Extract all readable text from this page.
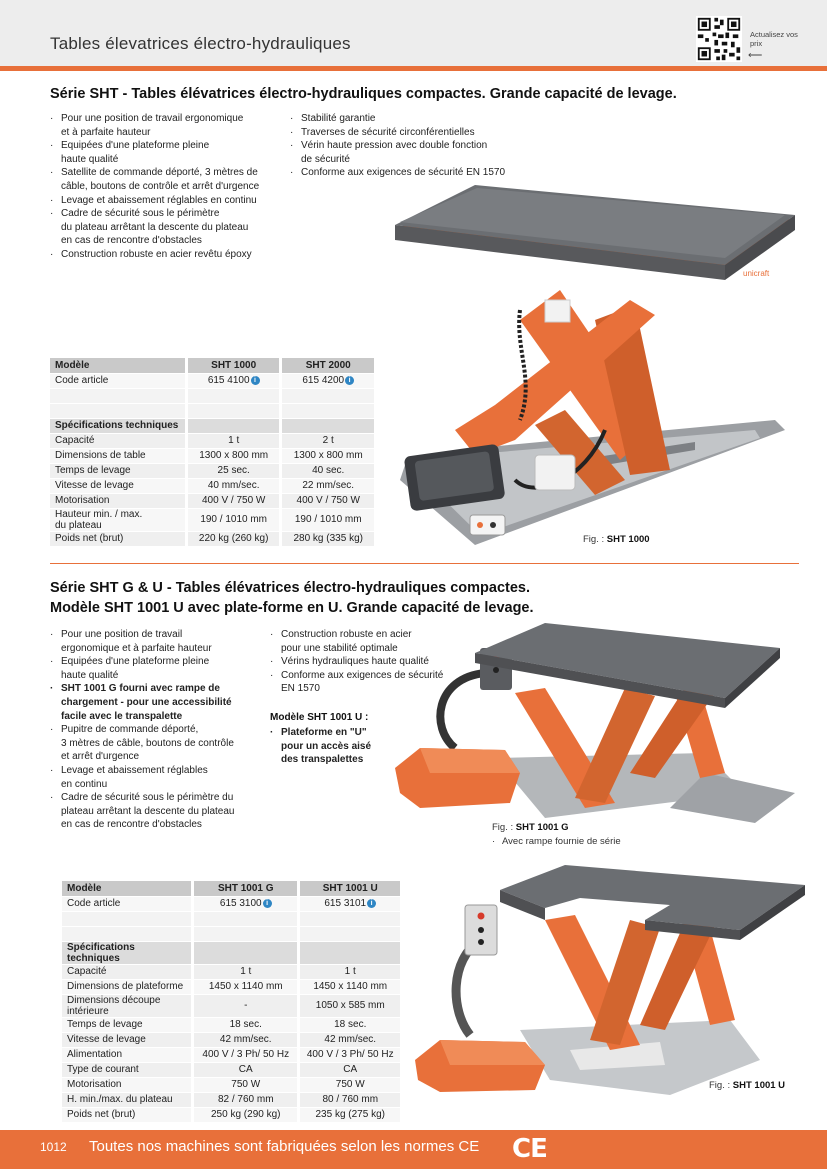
Tables élevatrices électro-hydrauliques	Actualisez vos prix
⟵
Série SHT - Tables élévatrices électro-hydrauliques compactes. Grande capacité de levage.
· Pour une position de travail ergonomique
et à parfaite hauteur
· Equipées d'une plateforme pleine
haute qualité
· Satellite de commande déporté, 3 mètres de
câble, boutons de contrôle et arrêt d'urgence
· Levage et abaissement réglables en continu
· Cadre de sécurité sous le périmètre
du plateau arrêtant la descente du plateau
en cas de rencontre d'obstacles
· Construction robuste en acier revêtu époxy
· Stabilité garantie
· Traverses de sécurité circonférentielles
· Vérin haute pression avec double fonction
de sécurité
· Conforme aux exigences de sécurité EN 1570
Modèle	SHT 1000	SHT 2000
Code article	615 4100 i	615 4200 i

Spécifications techniques		
Capacité	1 t	2 t
Dimensions de table	1300 x 800 mm	1300 x 800 mm
Temps de levage	25 sec.	40 sec.
Vitesse de levage	40 mm/sec.	22 mm/sec.
Motorisation	400 V / 750 W	400 V / 750 W
Hauteur min. / max.
du plateau	190 / 1010 mm	190 / 1010 mm
Poids net (brut)	220 kg (260 kg)	280 kg (335 kg)
unicraft
Fig. : SHT 1000
Série SHT G & U - Tables élévatrices électro-hydrauliques compactes.
Modèle SHT 1001 U avec plate-forme en U. Grande capacité de levage.
· Pour une position de travail
ergonomique et à parfaite hauteur
· Equipées d'une plateforme pleine
haute qualité
· SHT 1001 G fourni avec rampe de
chargement - pour une accessibilité
facile avec le transpalette
· Pupitre de commande déporté,
3 mètres de câble, boutons de contrôle
et arrêt d'urgence
· Levage et abaissement réglables
en continu
· Cadre de sécurité sous le périmètre du
plateau arrêtant la descente du plateau
en cas de rencontre d'obstacles
· Construction robuste en acier
pour une stabilité optimale
· Vérins hydrauliques haute qualité
· Conforme aux exigences de sécurité
EN 1570
Modèle SHT 1001 U :
· Plateforme en "U"
pour un accès aisé
des transpalettes
Fig. : SHT 1001 G
· Avec rampe fournie de série
Modèle	SHT 1001 G	SHT 1001 U
Code article	615 3100 i	615 3101 i

Spécifications techniques		
Capacité	1 t	1 t
Dimensions de plateforme	1450 x 1140 mm	1450 x 1140 mm
Dimensions découpe
intérieure	-	1050 x 585 mm
Temps de levage	18 sec.	18 sec.
Vitesse de levage	42 mm/sec.	42 mm/sec.
Alimentation	400 V / 3 Ph/ 50 Hz	400 V / 3 Ph/ 50 Hz
Type de courant	CA	CA
Motorisation	750 W	750 W
H. min./max. du plateau	82 / 760 mm	80 / 760 mm
Poids net (brut)	250 kg (290 kg)	235 kg (275 kg)
Fig. : SHT 1001 U
1012 Toutes nos machines sont fabriquées selon les normes CE CE
